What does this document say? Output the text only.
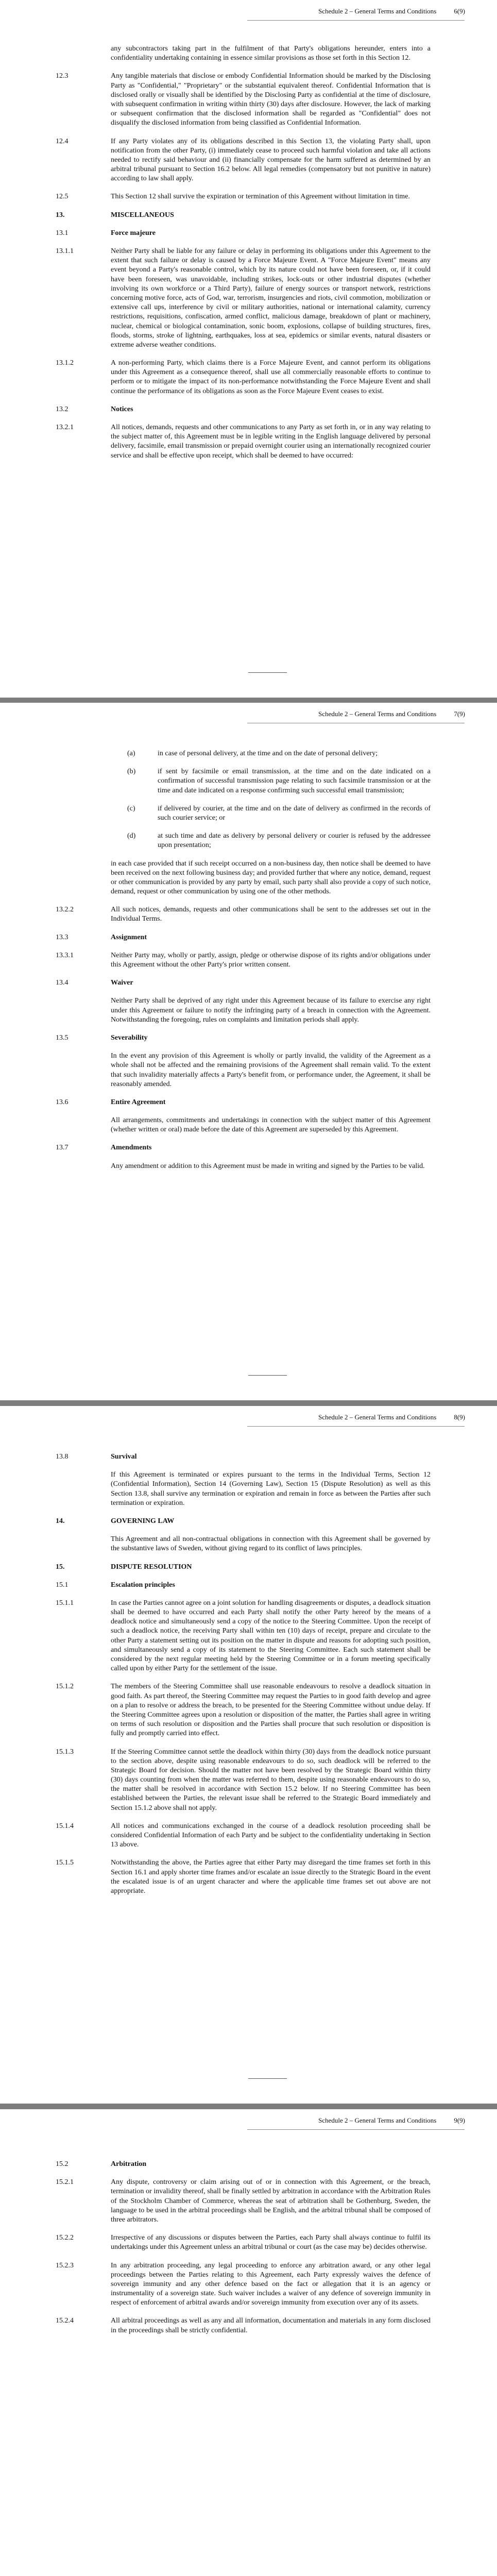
Schedule 2 – General Terms and Conditions	6(9)
any subcontractors taking part in the fulfilment of that Party's obligations hereunder, enters into a confidentiality undertaking containing in essence similar provisions as those set forth in this Section 12.
12.3	Any tangible materials that disclose or embody Confidential Information should be marked by the Disclosing Party as "Confidential," "Proprietary" or the substantial equivalent thereof. Confidential Information that is disclosed orally or visually shall be identified by the Disclosing Party as confidential at the time of disclosure, with subsequent confirmation in writing within thirty (30) days after disclosure. However, the lack of marking or subsequent confirmation that the disclosed information shall be regarded as "Confidential" does not disqualify the disclosed information from being classified as Confidential Information.
12.4	If any Party violates any of its obligations described in this Section 13, the violating Party shall, upon notification from the other Party, (i) immediately cease to proceed such harmful violation and take all actions needed to rectify said behaviour and (ii) financially compensate for the harm suffered as determined by an arbitral tribunal pursuant to Section 16.2 below. All legal remedies (compensatory but not punitive in nature) according to law shall apply.
12.5	This Section 12 shall survive the expiration or termination of this Agreement without limitation in time.
13.	MISCELLANEOUS
13.1	Force majeure
13.1.1	Neither Party shall be liable for any failure or delay in performing its obligations under this Agreement to the extent that such failure or delay is caused by a Force Majeure Event. A "Force Majeure Event" means any event beyond a Party's reasonable control, which by its nature could not have been foreseen, or, if it could have been foreseen, was unavoidable, including strikes, lock-outs or other industrial disputes (whether involving its own workforce or a Third Party), failure of energy sources or transport network, restrictions concerning motive force, acts of God, war, terrorism, insurgencies and riots, civil commotion, mobilization or extensive call ups, interference by civil or military authorities, national or international calamity, currency restrictions, requisitions, confiscation, armed conflict, malicious damage, breakdown of plant or machinery, nuclear, chemical or biological contamination, sonic boom, explosions, collapse of building structures, fires, floods, storms, stroke of lightning, earthquakes, loss at sea, epidemics or similar events, natural disasters or extreme adverse weather conditions.
13.1.2	A non-performing Party, which claims there is a Force Majeure Event, and cannot perform its obligations under this Agreement as a consequence thereof, shall use all commercially reasonable efforts to continue to perform or to mitigate the impact of its non-performance notwithstanding the Force Majeure Event and shall continue the performance of its obligations as soon as the Force Majeure Event ceases to exist.
13.2	Notices
13.2.1	All notices, demands, requests and other communications to any Party as set forth in, or in any way relating to the subject matter of, this Agreement must be in legible writing in the English language delivered by personal delivery, facsimile, email transmission or prepaid overnight courier using an internationally recognized courier service and shall be effective upon receipt, which shall be deemed to have occurred:
Schedule 2 – General Terms and Conditions	7(9)
(a)	in case of personal delivery, at the time and on the date of personal delivery;
(b)	if sent by facsimile or email transmission, at the time and on the date indicated on a confirmation of successful transmission page relating to such facsimile transmission or at the time and date indicated on a response confirming such successful email transmission;
(c)	if delivered by courier, at the time and on the date of delivery as confirmed in the records of such courier service; or
(d)	at such time and date as delivery by personal delivery or courier is refused by the addressee upon presentation;
in each case provided that if such receipt occurred on a non-business day, then notice shall be deemed to have been received on the next following business day; and provided further that where any notice, demand, request or other communication is provided by any party by email, such party shall also provide a copy of such notice, demand, request or other communication by using one of the other methods.
13.2.2	All such notices, demands, requests and other communications shall be sent to the addresses set out in the Individual Terms.
13.3	Assignment
13.3.1	Neither Party may, wholly or partly, assign, pledge or otherwise dispose of its rights and/or obligations under this Agreement without the other Party's prior written consent.
13.4	Waiver
Neither Party shall be deprived of any right under this Agreement because of its failure to exercise any right under this Agreement or failure to notify the infringing party of a breach in connection with the Agreement. Notwithstanding the foregoing, rules on complaints and limitation periods shall apply.
13.5	Severability
In the event any provision of this Agreement is wholly or partly invalid, the validity of the Agreement as a whole shall not be affected and the remaining provisions of the Agreement shall remain valid. To the extent that such invalidity materially affects a Party's benefit from, or performance under, the Agreement, it shall be reasonably amended.
13.6	Entire Agreement
All arrangements, commitments and undertakings in connection with the subject matter of this Agreement (whether written or oral) made before the date of this Agreement are superseded by this Agreement.
13.7	Amendments
Any amendment or addition to this Agreement must be made in writing and signed by the Parties to be valid.
Schedule 2 – General Terms and Conditions	8(9)
13.8	Survival
If this Agreement is terminated or expires pursuant to the terms in the Individual Terms, Section 12 (Confidential Information), Section 14 (Governing Law), Section 15 (Dispute Resolution) as well as this Section 13.8, shall survive any termination or expiration and remain in force as between the Parties after such termination or expiration.
14.	GOVERNING LAW
This Agreement and all non-contractual obligations in connection with this Agreement shall be governed by the substantive laws of Sweden, without giving regard to its conflict of laws principles.
15.	DISPUTE RESOLUTION
15.1	Escalation principles
15.1.1	In case the Parties cannot agree on a joint solution for handling disagreements or disputes, a deadlock situation shall be deemed to have occurred and each Party shall notify the other Party hereof by the means of a deadlock notice and simultaneously send a copy of the notice to the Steering Committee. Upon the receipt of such a deadlock notice, the receiving Party shall within ten (10) days of receipt, prepare and circulate to the other Party a statement setting out its position on the matter in dispute and reasons for adopting such position, and simultaneously send a copy of its statement to the Steering Committee. Each such statement shall be considered by the next regular meeting held by the Steering Committee or in a forum meeting specifically called upon by either Party for the settlement of the issue.
15.1.2	The members of the Steering Committee shall use reasonable endeavours to resolve a deadlock situation in good faith. As part thereof, the Steering Committee may request the Parties to in good faith develop and agree on a plan to resolve or address the breach, to be presented for the Steering Committee without undue delay. If the Steering Committee agrees upon a resolution or disposition of the matter, the Parties shall agree in writing on terms of such resolution or disposition and the Parties shall procure that such resolution or disposition is fully and promptly carried into effect.
15.1.3	If the Steering Committee cannot settle the deadlock within thirty (30) days from the deadlock notice pursuant to the section above, despite using reasonable endeavours to do so, such deadlock will be referred to the Strategic Board for decision. Should the matter not have been resolved by the Strategic Board within thirty (30) days counting from when the matter was referred to them, despite using reasonable endeavours to do so, the matter shall be resolved in accordance with Section 15.2 below. If no Steering Committee has been established between the Parties, the relevant issue shall be referred to the Strategic Board immediately and Section 15.1.2 above shall not apply.
15.1.4	All notices and communications exchanged in the course of a deadlock resolution proceeding shall be considered Confidential Information of each Party and be subject to the confidentiality undertaking in Section 13 above.
15.1.5	Notwithstanding the above, the Parties agree that either Party may disregard the time frames set forth in this Section 16.1 and apply shorter time frames and/or escalate an issue directly to the Strategic Board in the event the escalated issue is of an urgent character and where the applicable time frames set out above are not appropriate.
Schedule 2 – General Terms and Conditions	9(9)
15.2	Arbitration
15.2.1	Any dispute, controversy or claim arising out of or in connection with this Agreement, or the breach, termination or invalidity thereof, shall be finally settled by arbitration in accordance with the Arbitration Rules of the Stockholm Chamber of Commerce, whereas the seat of arbitration shall be Gothenburg, Sweden, the language to be used in the arbitral proceedings shall be English, and the arbitral tribunal shall be composed of three arbitrators.
15.2.2	Irrespective of any discussions or disputes between the Parties, each Party shall always continue to fulfil its undertakings under this Agreement unless an arbitral tribunal or court (as the case may be) decides otherwise.
15.2.3	In any arbitration proceeding, any legal proceeding to enforce any arbitration award, or any other legal proceedings between the Parties relating to this Agreement, each Party expressly waives the defence of sovereign immunity and any other defence based on the fact or allegation that it is an agency or instrumentality of a sovereign state. Such waiver includes a waiver of any defence of sovereign immunity in respect of enforcement of arbitral awards and/or sovereign immunity from execution over any of its assets.
15.2.4	All arbitral proceedings as well as any and all information, documentation and materials in any form disclosed in the proceedings shall be strictly confidential.
